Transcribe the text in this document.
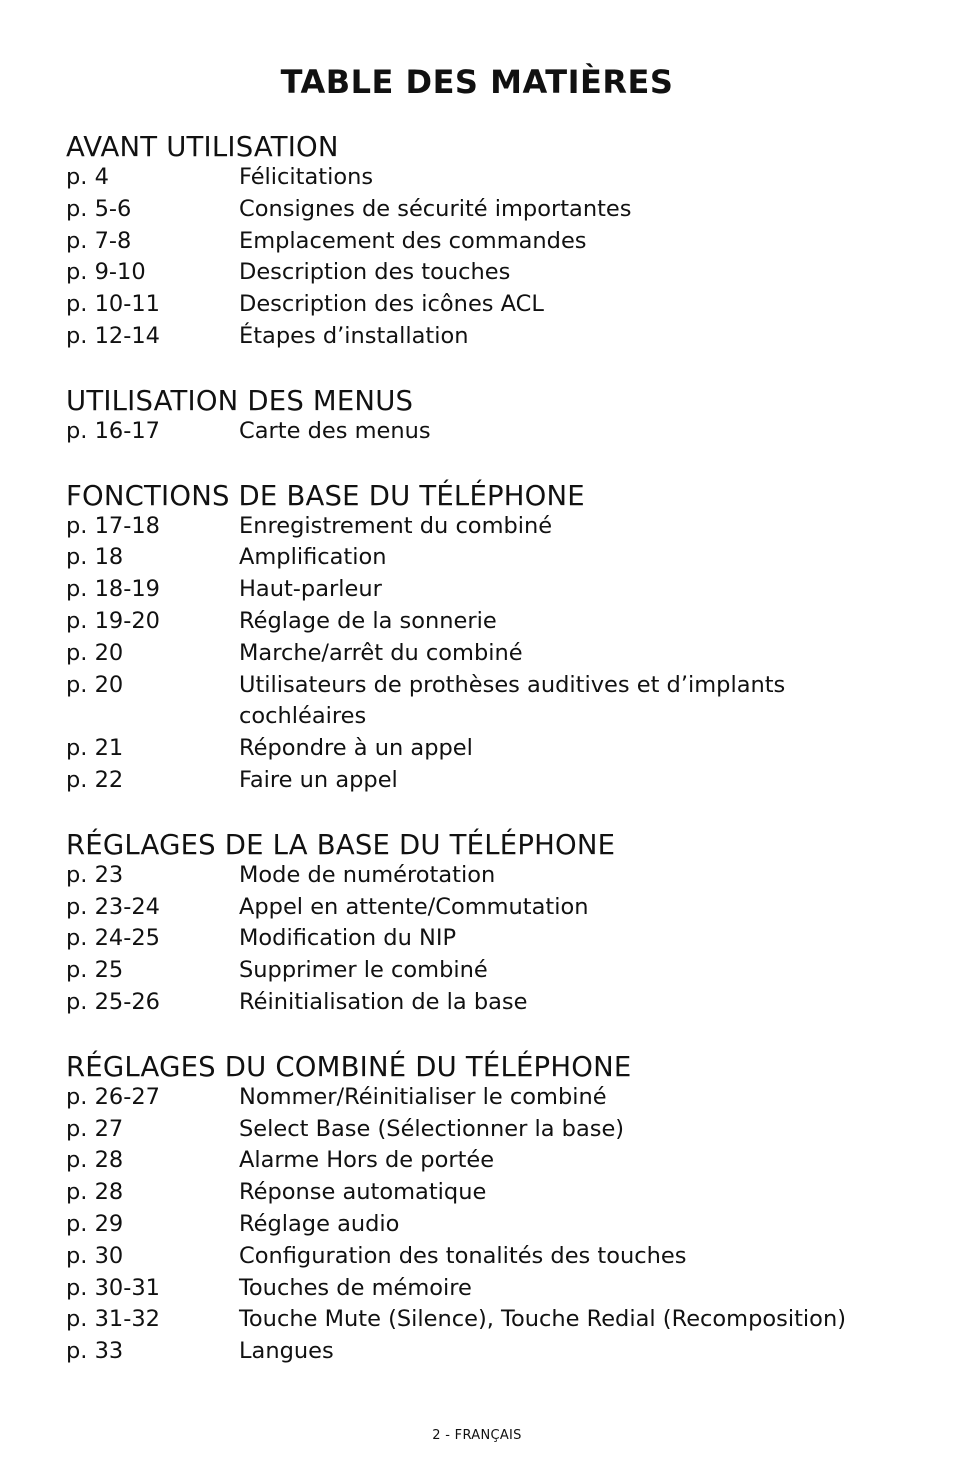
TABLE DES MATIÈRES
AVANT UTILISATION
p. 4	Félicitations
p. 5-6	Consignes de sécurité importantes
p. 7-8	Emplacement des commandes
p. 9-10	Description des touches
p. 10-11	Description des icônes ACL
p. 12-14	Étapes d’installation
UTILISATION DES MENUS
p. 16-17	Carte des menus
FONCTIONS DE BASE DU TÉLÉPHONE
p. 17-18	Enregistrement du combiné
p. 18	Amplification
p. 18-19	Haut-parleur
p. 19-20	Réglage de la sonnerie
p. 20	Marche/arrêt du combiné
p. 20	Utilisateurs de prothèses auditives et d’implants cochléaires
p. 21	Répondre à un appel
p. 22	Faire un appel
RÉGLAGES DE LA BASE DU TÉLÉPHONE
p. 23	Mode de numérotation
p. 23-24	Appel en attente/Commutation
p. 24-25	Modification du NIP
p. 25	Supprimer le combiné
p. 25-26	Réinitialisation de la base
RÉGLAGES DU COMBINÉ DU TÉLÉPHONE
p. 26-27	Nommer/Réinitialiser le combiné
p. 27	Select Base (Sélectionner la base)
p. 28	Alarme Hors de portée
p. 28	Réponse automatique
p. 29	Réglage audio
p. 30	Configuration des tonalités des touches
p. 30-31	Touches de mémoire
p. 31-32	Touche Mute (Silence), Touche Redial (Recomposition)
p. 33	Langues
2 - FRANÇAIS
